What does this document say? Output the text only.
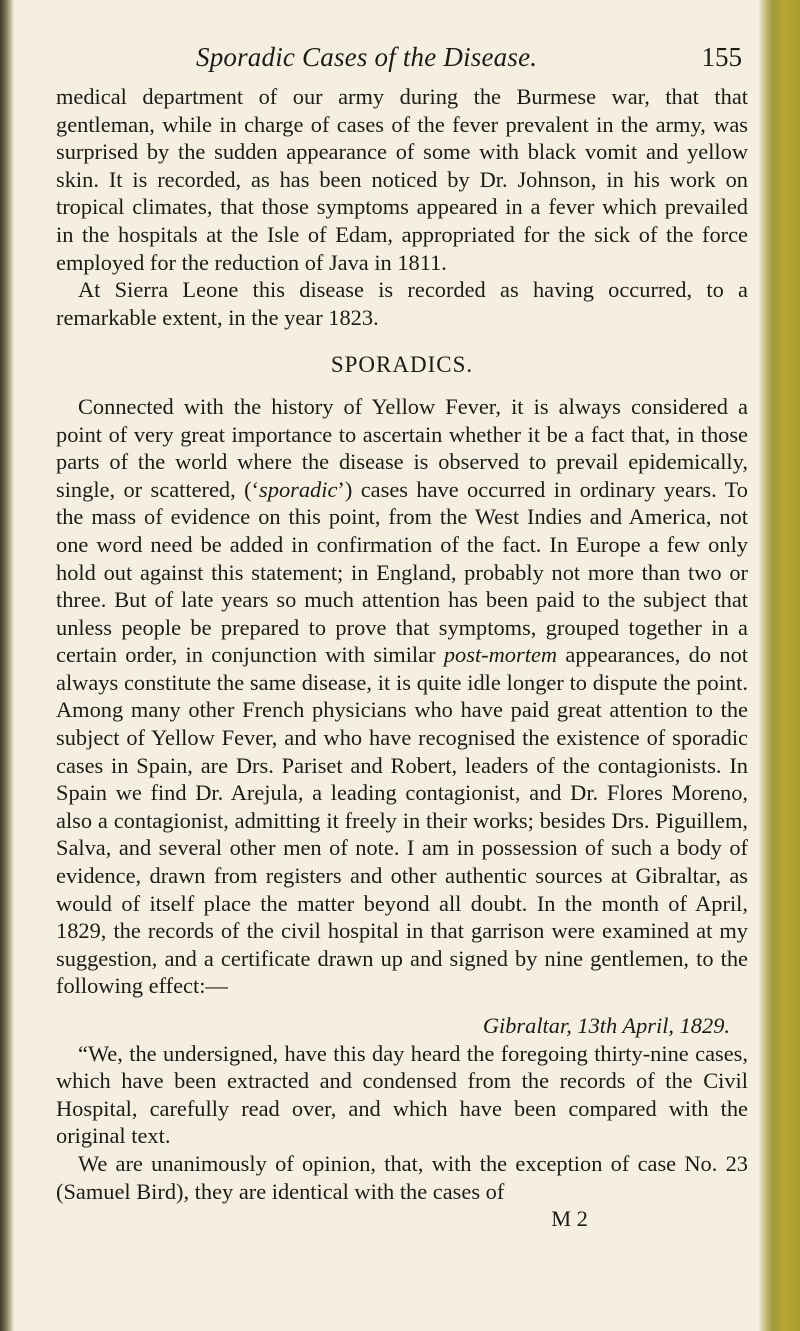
Sporadic Cases of the Disease.	155

medical department of our army during the Burmese war, that that gentleman, while in charge of cases of the fever prevalent in the army, was surprised by the sudden appearance of some with black vomit and yellow skin. It is recorded, as has been noticed by Dr. Johnson, in his work on tropical climates, that those symptoms appeared in a fever which prevailed in the hospitals at the Isle of Edam, appropriated for the sick of the force employed for the reduction of Java in 1811.

At Sierra Leone this disease is recorded as having occurred, to a remarkable extent, in the year 1823.

SPORADICS.

Connected with the history of Yellow Fever, it is always considered a point of very great importance to ascertain whether it be a fact that, in those parts of the world where the disease is observed to prevail epidemically, single, or scattered, (‘sporadic’) cases have occurred in ordinary years. To the mass of evidence on this point, from the West Indies and America, not one word need be added in confirmation of the fact. In Europe a few only hold out against this statement; in England, probably not more than two or three. But of late years so much attention has been paid to the subject that unless people be prepared to prove that symptoms, grouped together in a certain order, in conjunction with similar post-mortem appearances, do not always constitute the same disease, it is quite idle longer to dispute the point. Among many other French physicians who have paid great attention to the subject of Yellow Fever, and who have recognised the existence of sporadic cases in Spain, are Drs. Pariset and Robert, leaders of the contagionists. In Spain we find Dr. Arejula, a leading contagionist, and Dr. Flores Moreno, also a contagionist, admitting it freely in their works; besides Drs. Piguillem, Salva, and several other men of note. I am in possession of such a body of evidence, drawn from registers and other authentic sources at Gibraltar, as would of itself place the matter beyond all doubt. In the month of April, 1829, the records of the civil hospital in that garrison were examined at my suggestion, and a certificate drawn up and signed by nine gentlemen, to the following effect:—

Gibraltar, 13th April, 1829.

“We, the undersigned, have this day heard the foregoing thirty-nine cases, which have been extracted and condensed from the records of the Civil Hospital, carefully read over, and which have been compared with the original text.

We are unanimously of opinion, that, with the exception of case No. 23 (Samuel Bird), they are identical with the cases of

M 2
